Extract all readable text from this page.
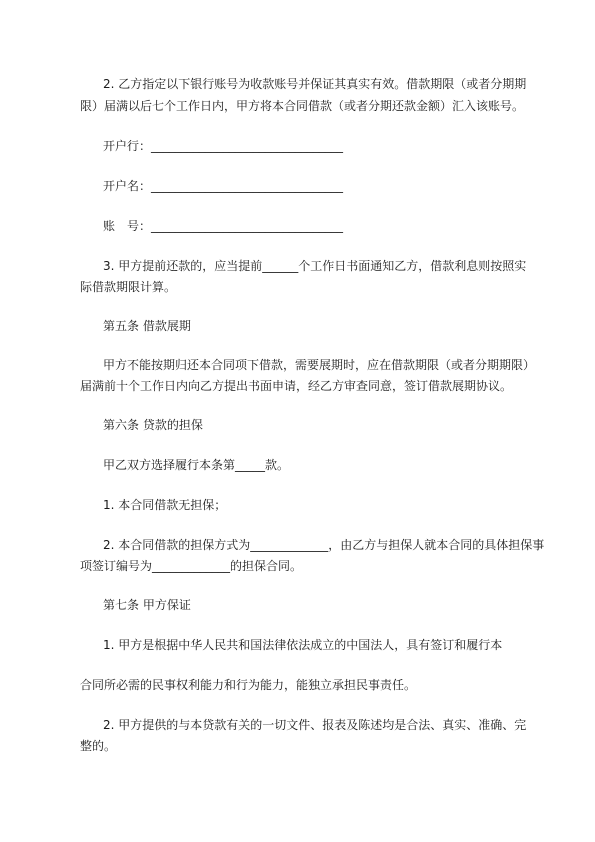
2. 乙方指定以下银行账号为收款账号并保证其真实有效。借款期限（或者分期期
限）届满以后七个工作日内，甲方将本合同借款（或者分期还款金额）汇入该账号。
开户行：________________________________
开户名：________________________________
账　号：________________________________
3. 甲方提前还款的，应当提前______个工作日书面通知乙方，借款利息则按照实
际借款期限计算。
第五条 借款展期
甲方不能按期归还本合同项下借款，需要展期时，应在借款期限（或者分期期限）
届满前十个工作日内向乙方提出书面申请，经乙方审查同意，签订借款展期协议。
第六条 贷款的担保
甲乙双方选择履行本条第_____款。
1. 本合同借款无担保；
2. 本合同借款的担保方式为_____________，由乙方与担保人就本合同的具体担保事
项签订编号为_____________的担保合同。
第七条 甲方保证
1. 甲方是根据中华人民共和国法律依法成立的中国法人，具有签订和履行本
合同所必需的民事权利能力和行为能力，能独立承担民事责任。
2. 甲方提供的与本贷款有关的一切文件、报表及陈述均是合法、真实、准确、完
整的。
